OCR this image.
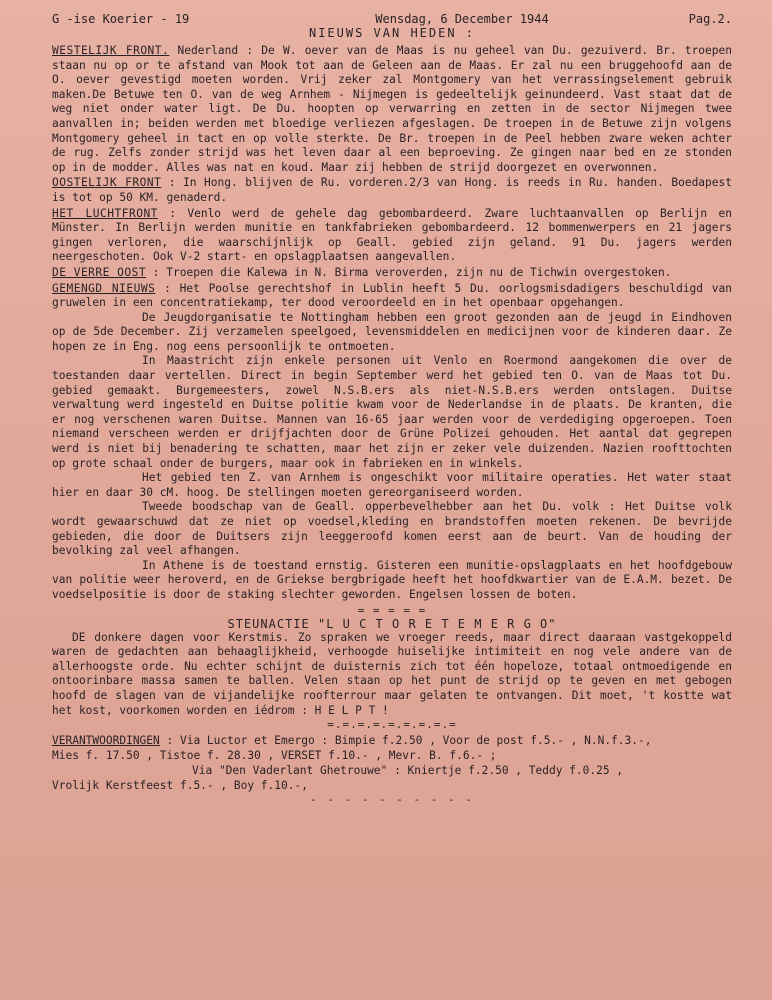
G -ise Koerier - 19	Wensdag, 6 December 1944	Pag.2.
NIEUWS VAN HEDEN :

WESTELIJK FRONT. Nederland : De W. oever van de Maas is nu geheel van Du. gezuiverd. Br. troepen staan nu op or te afstand van Mook tot aan de Geleen aan de Maas. Er zal nu een bruggehoofd aan de O. oever gevestigd moeten worden. Vrij zeker zal Montgomery van het verrassingselement gebruik maken.De Betuwe ten O. van de weg Arnhem - Nijmegen is gedeeltelijk geinundeerd. Vast staat dat de weg niet onder water ligt. De Du. hoopten op verwarring en zetten in de sector Nijmegen twee aanvallen in; beiden werden met bloedige verliezen afgeslagen. De troepen in de Betuwe zijn volgens Montgomery geheel in tact en op volle sterkte. De Br. troepen in de Peel hebben zware weken achter de rug. Zelfs zonder strijd was het leven daar al een beproeving. Ze gingen naar bed en ze stonden op in de modder. Alles was nat en koud. Maar zij hebben de strijd doorgezet en overwonnen.

OOSTELIJK FRONT : In Hong. blijven de Ru. vorderen.2/3 van Hong. is reeds in Ru. handen. Boedapest is tot op 50 KM. genaderd.

HET LUCHTFRONT : Venlo werd de gehele dag gebombardeerd. Zware luchtaanvallen op Berlijn en Münster. In Berlijn werden munitie en tankfabrieken gebombardeerd. 12 bommenwerpers en 21 jagers gingen verloren, die waarschijnlijk op Geall. gebied zijn geland. 91 Du. jagers werden neergeschoten. Ook V-2 start- en opslagplaatsen aangevallen.

DE VERRE OOST : Troepen die Kalewa in N. Birma veroverden, zijn nu de Tichwin overgestoken.

GEMENGD NIEUWS : Het Poolse gerechtshof in Lublin heeft 5 Du. oorlogsmisdadigers beschuldigd van gruwelen in een concentratiekamp, ter dood veroordeeld en in het openbaar opgehangen.
De Jeugdorganisatie te Nottingham hebben een groot gezonden aan de jeugd in Eindhoven op de 5de December. Zij verzamelen speelgoed, levensmiddelen en medicijnen voor de kinderen daar. Ze hopen ze in Eng. nog eens persoonlijk te ontmoeten.
In Maastricht zijn enkele personen uit Venlo en Roermond aangekomen die over de toestanden daar vertellen. Direct in begin September werd het gebied ten O. van de Maas tot Du. gebied gemaakt. Burgemeesters, zowel N.S.B.ers als niet-N.S.B.ers werden ontslagen. Duitse verwaltung werd ingesteld en Duitse politie kwam voor de Nederlandse in de plaats. De kranten, die er nog verschenen waren Duitse. Mannen van 16-65 jaar werden voor de verdediging opgeroepen. Toen niemand verscheen werden er drijfjachten door de Grüne Polizei gehouden. Het aantal dat gegrepen werd is niet bij benadering te schatten, maar het zijn er zeker vele duizenden. Nazien roofttochten op grote schaal onder de burgers, maar ook in fabrieken en in winkels.
Het gebied ten Z. van Arnhem is ongeschikt voor militaire operaties. Het water staat hier en daar 30 cM. hoog. De stellingen moeten gereorganiseerd worden.
Tweede boodschap van de Geall. opperbevelhebber aan het Du. volk : Het Duitse volk wordt gewaarschuwd dat ze niet op voedsel,kleding en brandstoffen moeten rekenen. De bevrijde gebieden, die door de Duitsers zijn leeggeroofd komen eerst aan de beurt. Van de houding der bevolking zal veel afhangen.
In Athene is de toestand ernstig. Gisteren een munitie-opslagplaats en het hoofdgebouw van politie weer heroverd, en de Griekse bergbrigade heeft het hoofdkwartier van de E.A.M. bezet. De voedselpositie is door de staking slechter geworden. Engelsen lossen de boten.
= = = = =
STEUNACTIE "L U C T O R E T E M E R G O"
DE donkere dagen voor Kerstmis. Zo spraken we vroeger reeds, maar direct daaraan vastgekoppeld waren de gedachten aan behaaglijkheid, verhoogde huiselijke intimiteit en nog vele andere van de allerhoogste orde. Nu echter schijnt de duisternis zich tot één hopeloze, totaal ontmoedigende en ontoorinbare massa samen te ballen. Velen staan op het punt de strijd op te geven en met gebogen hoofd de slagen van de vijandelijke roofterrour maar gelaten te ontvangen. Dit moet, 't kostte wat het kost, voorkomen worden en iédrom : H E L P T !
=.=.=.=.=.=.=.=.=
VERANTWOORDINGEN : Via Luctor et Emergo : Bimpie f.2.50 , Voor de post f.5.- , N.N.f.3.-,
Mies f. 17.50 , Tistoe f. 28.30 , VERSET f.10.- , Mevr. B. f.6.- ;
Via "Den Vaderlant Ghetrouwe" : Kniertje f.2.50 , Teddy f.0.25 ,
Vrolijk Kerstfeest f.5.- , Boy f.10.-,
- - - - - - - - - -
